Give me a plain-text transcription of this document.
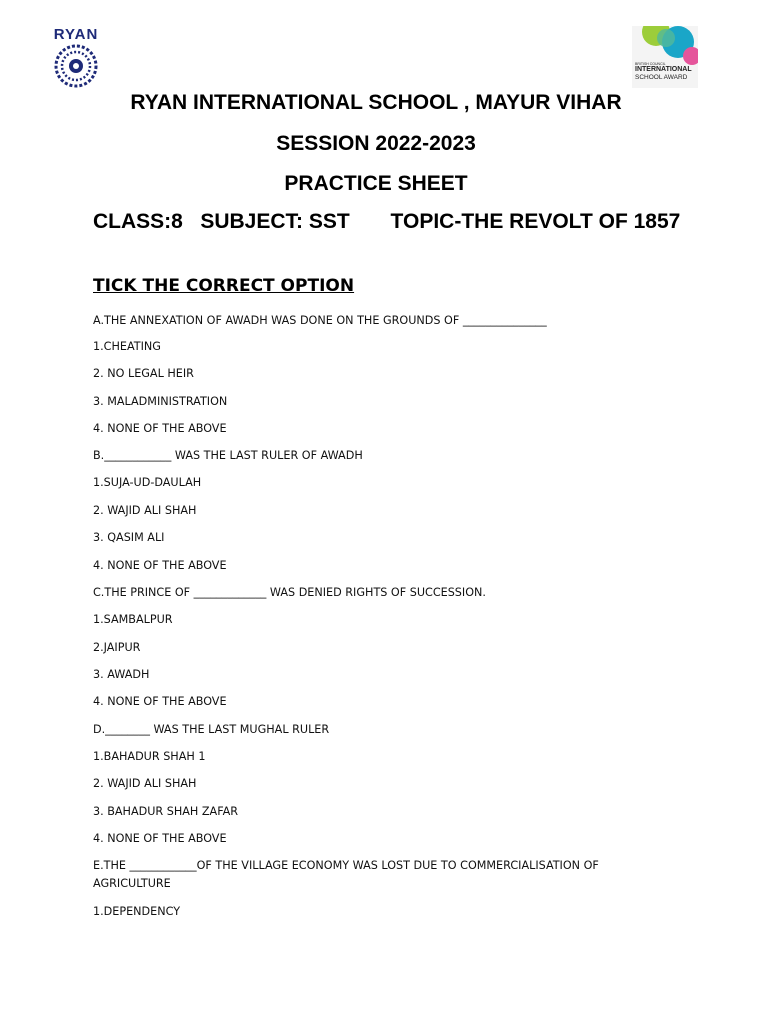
RYAN
BRITISH COUNCIL
INTERNATIONAL
SCHOOL AWARD
RYAN INTERNATIONAL SCHOOL , MAYUR VIHAR
SESSION 2022-2023
PRACTICE SHEET
CLASS:8   SUBJECT: SST       TOPIC-THE REVOLT OF 1857
TICK THE CORRECT OPTION
A.THE ANNEXATION OF AWADH WAS DONE ON THE GROUNDS OF _______________
1.CHEATING
2. NO LEGAL HEIR
3. MALADMINISTRATION
4. NONE OF THE ABOVE
B.____________ WAS THE LAST RULER OF AWADH
1.SUJA-UD-DAULAH
2. WAJID ALI SHAH
3. QASIM ALI
4. NONE OF THE ABOVE
C.THE PRINCE OF _____________ WAS DENIED RIGHTS OF SUCCESSION.
1.SAMBALPUR
2.JAIPUR
3. AWADH
4. NONE OF THE ABOVE
D.________ WAS THE LAST MUGHAL RULER
1.BAHADUR SHAH 1
2. WAJID ALI SHAH
3. BAHADUR SHAH ZAFAR
4. NONE OF THE ABOVE
E.THE ____________OF THE VILLAGE ECONOMY WAS LOST DUE TO COMMERCIALISATION OF AGRICULTURE
1.DEPENDENCY
